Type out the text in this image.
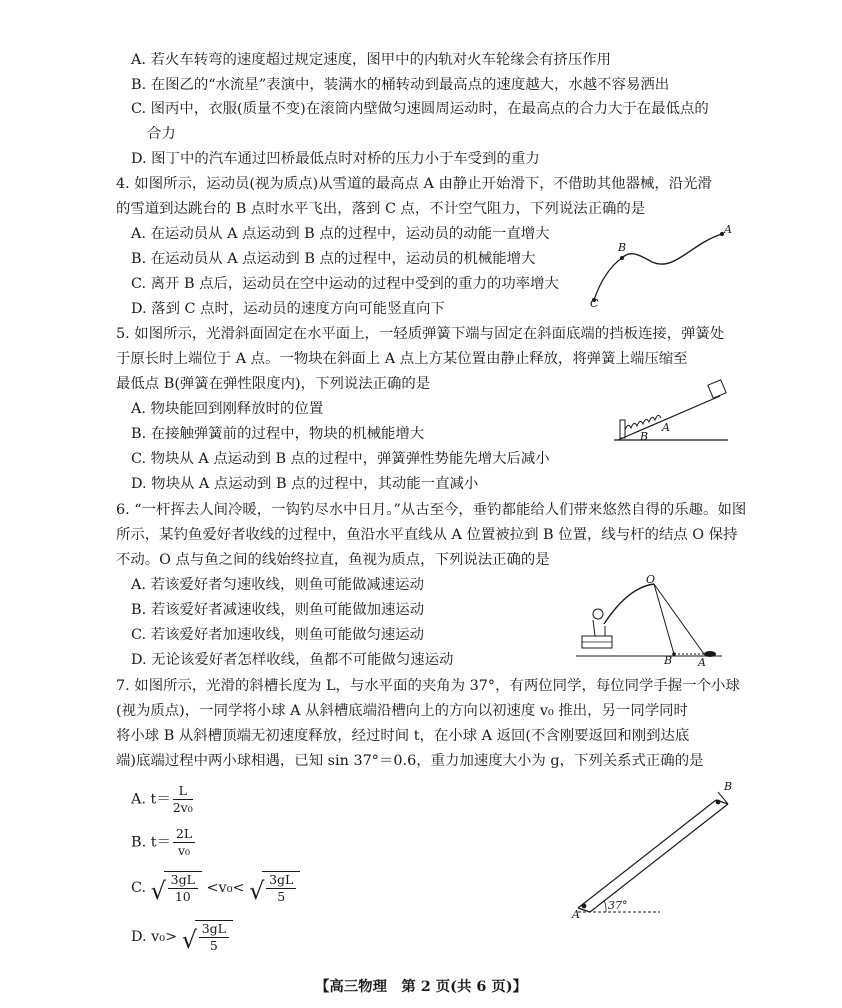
A. 若火车转弯的速度超过规定速度，图甲中的内轨对火车轮缘会有挤压作用
B. 在图乙的“水流星”表演中，装满水的桶转动到最高点的速度越大，水越不容易洒出
C. 图丙中，衣服(质量不变)在滚筒内壁做匀速圆周运动时，在最高点的合力大于在最低点的
合力
D. 图丁中的汽车通过凹桥最低点时对桥的压力小于车受到的重力
4. 如图所示，运动员(视为质点)从雪道的最高点 A 由静止开始滑下，不借助其他器械，沿光滑
的雪道到达跳台的 B 点时水平飞出，落到 C 点，不计空气阻力，下列说法正确的是
A. 在运动员从 A 点运动到 B 点的过程中，运动员的动能一直增大
B. 在运动员从 A 点运动到 B 点的过程中，运动员的机械能增大
C. 离开 B 点后，运动员在空中运动的过程中受到的重力的功率增大
D. 落到 C 点时，运动员的速度方向可能竖直向下
5. 如图所示，光滑斜面固定在水平面上，一轻质弹簧下端与固定在斜面底端的挡板连接，弹簧处
于原长时上端位于 A 点。一物块在斜面上 A 点上方某位置由静止释放，将弹簧上端压缩至
最低点 B(弹簧在弹性限度内)，下列说法正确的是
A. 物块能回到刚释放时的位置
B. 在接触弹簧前的过程中，物块的机械能增大
C. 物块从 A 点运动到 B 点的过程中，弹簧弹性势能先增大后减小
D. 物块从 A 点运动到 B 点的过程中，其动能一直减小
6. “一杆挥去人间冷暖，一钩钓尽水中日月。”从古至今，垂钓都能给人们带来悠然自得的乐趣。如图
所示，某钓鱼爱好者收线的过程中，鱼沿水平直线从 A 位置被拉到 B 位置，线与杆的结点 O 保持
不动。O 点与鱼之间的线始终拉直，鱼视为质点，下列说法正确的是
A. 若该爱好者匀速收线，则鱼可能做减速运动
B. 若该爱好者减速收线，则鱼可能做加速运动
C. 若该爱好者加速收线，则鱼可能做匀速运动
D. 无论该爱好者怎样收线，鱼都不可能做匀速运动
7. 如图所示，光滑的斜槽长度为 L，与水平面的夹角为 37°，有两位同学，每位同学手握一个小球
(视为质点)，一同学将小球 A 从斜槽底端沿槽向上的方向以初速度 v₀ 推出，另一同学同时
将小球 B 从斜槽顶端无初速度释放，经过时间 t，在小球 A 返回(不含刚要返回和刚到达底
端)底端过程中两小球相遇，已知 sin 37°＝0.6，重力加速度大小为 g，下列关系式正确的是
A. $t= \frac{L}{\text{2v₀}}$
B. $t= \frac{2L}{\text{v₀}}$
C. √ $\frac{3gL}{10} <v_0<$ √ $\frac{3gL}{5}$
D. v₀> √ $\frac{3gL}{5}$
A
B
C
B
A
O
B A
A
B
37°
【高三物理　第 2 页(共 6 页)】
